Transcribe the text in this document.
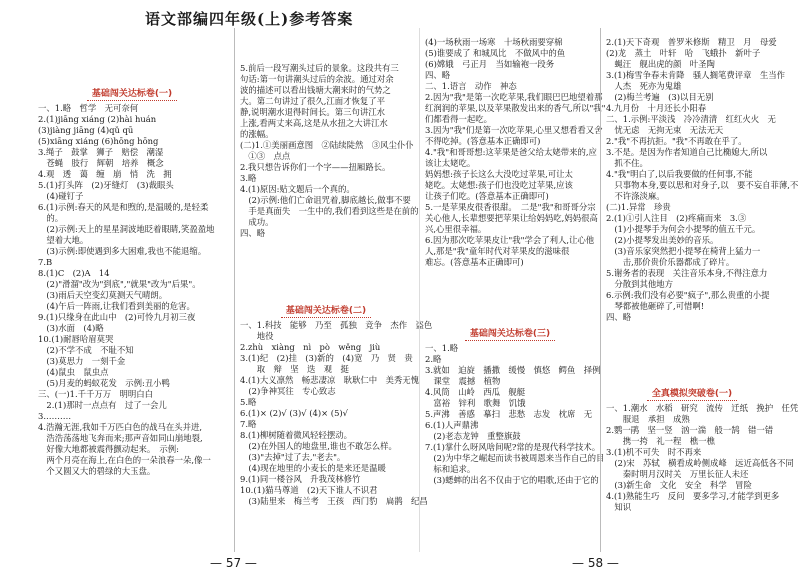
语文部编四年级(上)参考答案
基础闯关达标卷(一)
一、1.略　哲学　无可奈何
2.(1)jiāng xiáng (2)hài huán
(3)jiàng jiāng (4)qǔ qū
(5)xiāng xiáng (6)hōng hōng
3.绳子　鼓掌　狮子　赔偿　潮湿
　苍蝇　肢行　辉朝　培养　概念
4.观　透　蔼　缠　崩　悄　洗　拥
5.(1)打头阵　(2)牙缝灯　(3)裁眼头
　(4)碰钉子
6.(1)示例:春天的风是和煦的,是温暖的,是轻柔
　的。
　(2)示例:天上的星星洞波地眨着眼睛,笑盈盈地
　望着大地。
　(3)示例:即使遇到多大困难,我也不能退缩。
7.B
8.(1)C　(2)A　14
　(2)"滑溜"改为"到底","就果"改为"后果"。
　(3)雨后天空变幻莫测天气晴朗。
　(4)午后一阵雨,让我们看到美丽的危害。
9.(1)只缘身在此山中　(2)可怜九月初三夜
　(3)水面　(4)略
10.(1)耐唇哈眉莫哭
　(2)不学不成　不耻不知
　(3)莫思力　一刻千金
　(4)鼠虫　鼠虫点
　(5)月麦的蚂蚁花发　示例:丑小鸭
三、(一)1.千千万万　明明白白
　2.(1)那时一点点有　过了一会儿
3.………
4.浩瀚无涯,我如千万匹白色的战马在头并进,
　浩浩荡荡地飞奔而来;那声音如同山崩地裂,
　好像大地都被震得颤动起来。　示例:
　两个月亮在海上,在白色的一朵浪春一朵,像一
　个又圆又大的碧绿的大玉盘。
5.前后一段写潮头过后的景象。这段共有三
句话:第一句讲潮头过后的余波。通过对余
波的描述可以看出钱塘大潮来时的气势之
大。第二句讲过了很久,江面才恢复了平
静,说明潮水退得时间长。第三句讲江水
上涨,看两丈来高,这是从水扭之大讲江水
的涨幅。
(二)1.①美丽画意图　②陆续陡然　③风尘仆仆
　①③　点点
2.我只想告诉你们一个字——扭厢路长。
3.略
4.(1)原因:贴文题后一个真的。
　(2)示例:他们亡命诅咒着,脚底越长,做事不要
　手是真面失　一生中的,我们看到这些是在前的
　成功。
四、略
基础闯关达标卷(二)
一、1.科技　能够　乃至　孤独　竞争　杰作　盗色
　　地役
2.zhù　xiàng　nì　pò　wěng　jiù
3.(1)纪　(2)挂　(3)新的　(4)宽　乃　贤　贵
　　取　辩　坚　迭　观　挺
4.(1)大义凛然　畅悲凄凉　耿耿仁中　美秀无愧
　(2)争神冥往　专心致志
5.略
6.(1)× (2)√ (3)√ (4)× (5)√
7.略
8.(1)柳树随着微风轻轻摆动。
　(2)在外国人的地盘里,谁也不敢怎么样。
　(3)"去掉"过了去,"老去"。
　(4)现在地里的小麦长的是来还是温暖
9.(1)同一楼谷风　升我茂林修竹
10.(1)猫马尊道　(2)天下谁人不识君
　(3)陆里来　梅兰考　王孩　西门豹　扁鹊　纪昌
(4)一场秋雨一场寒　十场秋雨要穿棉
(5)谁要成了 和城凤比　不做风中的鱼
(6)嫦娥　弓正月　当如输袍一段务
四、略
二、1.语言　动作　神态
2.因为"我"是第一次吃苹果,我们眼巴巴地望着那
红润润的苹果,以及苹果散发出来的香气,所以"我"
们都看得一起吃。
3.因为"我"们是第一次吃苹果,心里又想看看又舍
不得吃掉。(答意基本正确即可)
4."我"和哥哥想:这苹果是爸父给太姥带来的,应
该让太姥吃。
妈妈想:孩子长这么大没吃过苹果,可让太
姥吃。太姥想:孩子们也没吃过苹果,应该
让孩子们吃。(答意基本正确即可)
5.一是苹果皮很香很甜。　二是"我"和哥哥分宗
关心他人,长辈想要把苹果让给妈妈吃,妈妈很高
兴,心里很幸福。
6.因为那次吃苹果皮让"我"学会了利人,让心他
人,那是"我"童年时代对苹果皮的滋味很
难忘。(答意基本正确即可)
基础闯关达标卷(三)
一、1.略
2.略
3.就如　迫旋　播撒　缓慢　慎悠　鳄鱼　择例
　课堂　震撼　植物
4.风筒　山岭　西瓜　舰艇
　富裕　锌利　歌舞　饥饿
5.声沸　善感　摹扫　悲愁　志发　枕席　无
6.(1)人声鼎沸
　(2)老态龙钟　重整旗鼓
7.(1)掌什么呀风啥间呢?常的是现代科学技术。
　(2)为中华之崛起而读书被周恩来当作自己的目
　标和追求。
　(3)蟋蟀的出名不仅由于它的唱歌,还由于它的
2.(1)天下奇观　普罗米修斯　精卫　月　母爱
(2)龙　蒸土　叶轩　哈　飞蛾扑　新叶子
　蝇汪　舰出虎的颜　叶圣陶
3.(1)梅雪争春未肯降　骚人搁笔费评章　生当作
　人杰　死亦为鬼雄
　(2)梅兰考遍　(3)以目无别
4.九月份　十月还长小阳春
二、1.示例:平淡浅　冷冷清清　红红火火　无
　忧无虑　无拘无束　无法无天
2."我"不再抗拒。"我"不再敢在乎了。
3.不是。是因为作者知道自己比椭媳大,所以
　抓不住。
4."我"明白了,以后我要做的任何事,不能
　只事物本身,要以思和对身子,以　要不妄自菲薄,不
　不许涤淡麻。
(二)1.异常　珍贵
2.(1)①引人注目　(2)疼痛而来　3.③
　(1)小提琴手为何会小提琴的值五千元。
　(2)小提琴发出美妙的音乐。
　(3)音乐家突然把小提琴在椅背上猛力一
　　击,那价贵价乐器都成了碎片。
5.谢务者的表现　关注音乐本身,不得注意力
　分散到其他地方
6.示例:我们没有必要"疯子",那么贵重的小提
　琴都被他砸碎了,可惜啊!
四、略
全真模拟突破卷(一)
一、1.潮水　水稻　研究　流传　迁纸　挽护　任凭
　　服退　承担　成熟
2.鹦一鹃　坚一竖　汹一湍　般一鹄　错一错
　　携一挎　礼一程　樵一樵
3.(1)机不可失　时不再来
　(2)宋　苏轼　横看成岭侧成峰　远近高低各不同
　　秦时明月汉时关　万里长征人未还
　(3)新生命　文化　安全　科学　冒险
4.(1)熟能生巧　反问　要多学习,才能学到更多
　知识
— 57 —	— 58 —
